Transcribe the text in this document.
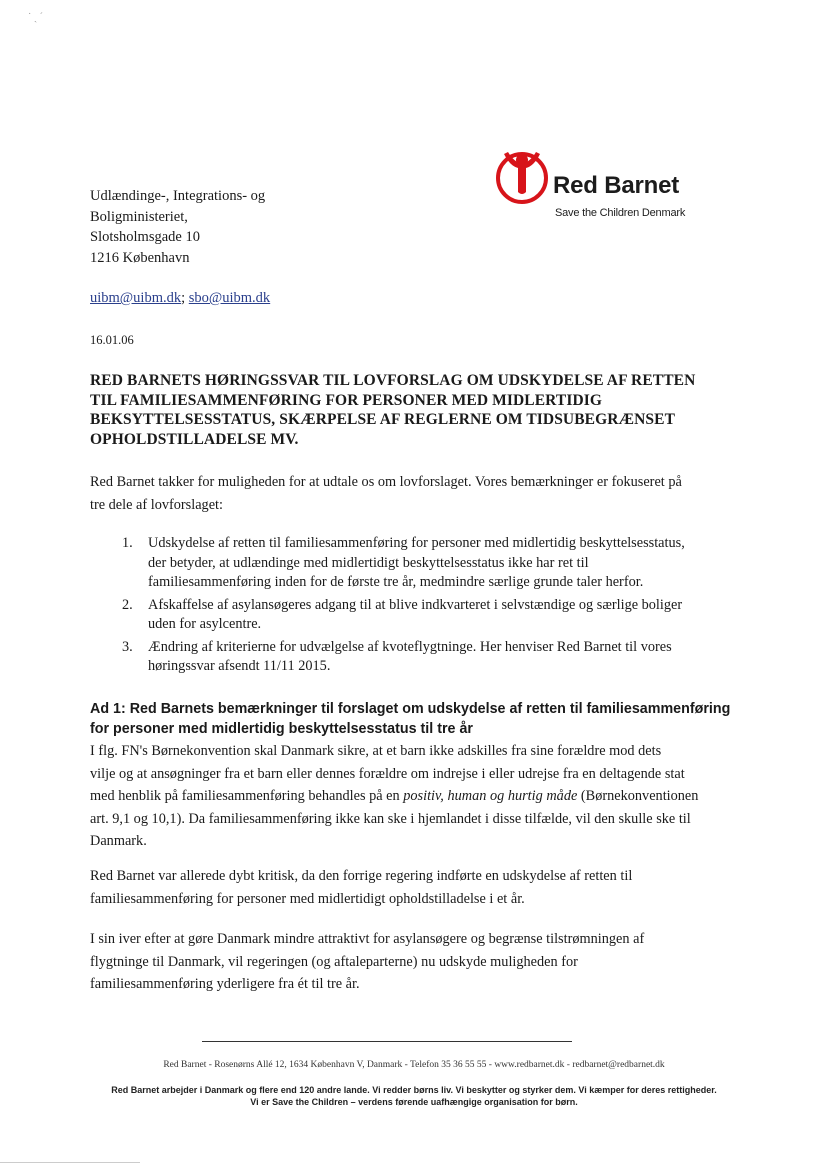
˙ ˎ ˊ
Udlændinge-, Integrations- og
Boligministeriet,
Slotsholmsgade 10
1216 København
Red Barnet
Save the Children Denmark
uibm@uibm.dk; sbo@uibm.dk
16.01.06
RED BARNETS HØRINGSSVAR TIL LOVFORSLAG OM UDSKYDELSE AF RETTEN
TIL FAMILIESAMMENFØRING FOR PERSONER MED MIDLERTIDIG
BEKSYTTELSESSTATUS, SKÆRPELSE AF REGLERNE OM TIDSUBEGRÆNSET
OPHOLDSTILLADELSE MV.
Red Barnet takker for muligheden for at udtale os om lovforslaget. Vores bemærkninger er fokuseret på
tre dele af lovforslaget:
1. Udskydelse af retten til familiesammenføring for personer med midlertidig beskyttelsesstatus,
der betyder, at udlændinge med midlertidigt beskyttelsesstatus ikke har ret til
familiesammenføring inden for de første tre år, medmindre særlige grunde taler herfor.
2. Afskaffelse af asylansøgeres adgang til at blive indkvarteret i selvstændige og særlige boliger
uden for asylcentre.
3. Ændring af kriterierne for udvælgelse af kvoteflygtninge. Her henviser Red Barnet til vores
høringssvar afsendt 11/11 2015.
Ad 1: Red Barnets bemærkninger til forslaget om udskydelse af retten til familiesammenføring
for personer med midlertidig beskyttelsesstatus til tre år
I flg. FN's Børnekonvention skal Danmark sikre, at et barn ikke adskilles fra sine forældre mod dets
vilje og at ansøgninger fra et barn eller dennes forældre om indrejse i eller udrejse fra en deltagende stat
med henblik på familiesammenføring behandles på en positiv, human og hurtig måde (Børnekonventionen
art. 9,1 og 10,1). Da familiesammenføring ikke kan ske i hjemlandet i disse tilfælde, vil den skulle ske til
Danmark.
Red Barnet var allerede dybt kritisk, da den forrige regering indførte en udskydelse af retten til
familiesammenføring for personer med midlertidigt opholdstilladelse i et år.
I sin iver efter at gøre Danmark mindre attraktivt for asylansøgere og begrænse tilstrømningen af
flygtninge til Danmark, vil regeringen (og aftaleparterne) nu udskyde muligheden for
familiesammenføring yderligere fra ét til tre år.
Red Barnet - Rosenørns Allé 12, 1634 København V, Danmark - Telefon 35 36 55 55 - www.redbarnet.dk - redbarnet@redbarnet.dk
Red Barnet arbejder i Danmark og flere end 120 andre lande. Vi redder børns liv. Vi beskytter og styrker dem. Vi kæmper for deres rettigheder.
Vi er Save the Children – verdens førende uafhængige organisation for børn.
